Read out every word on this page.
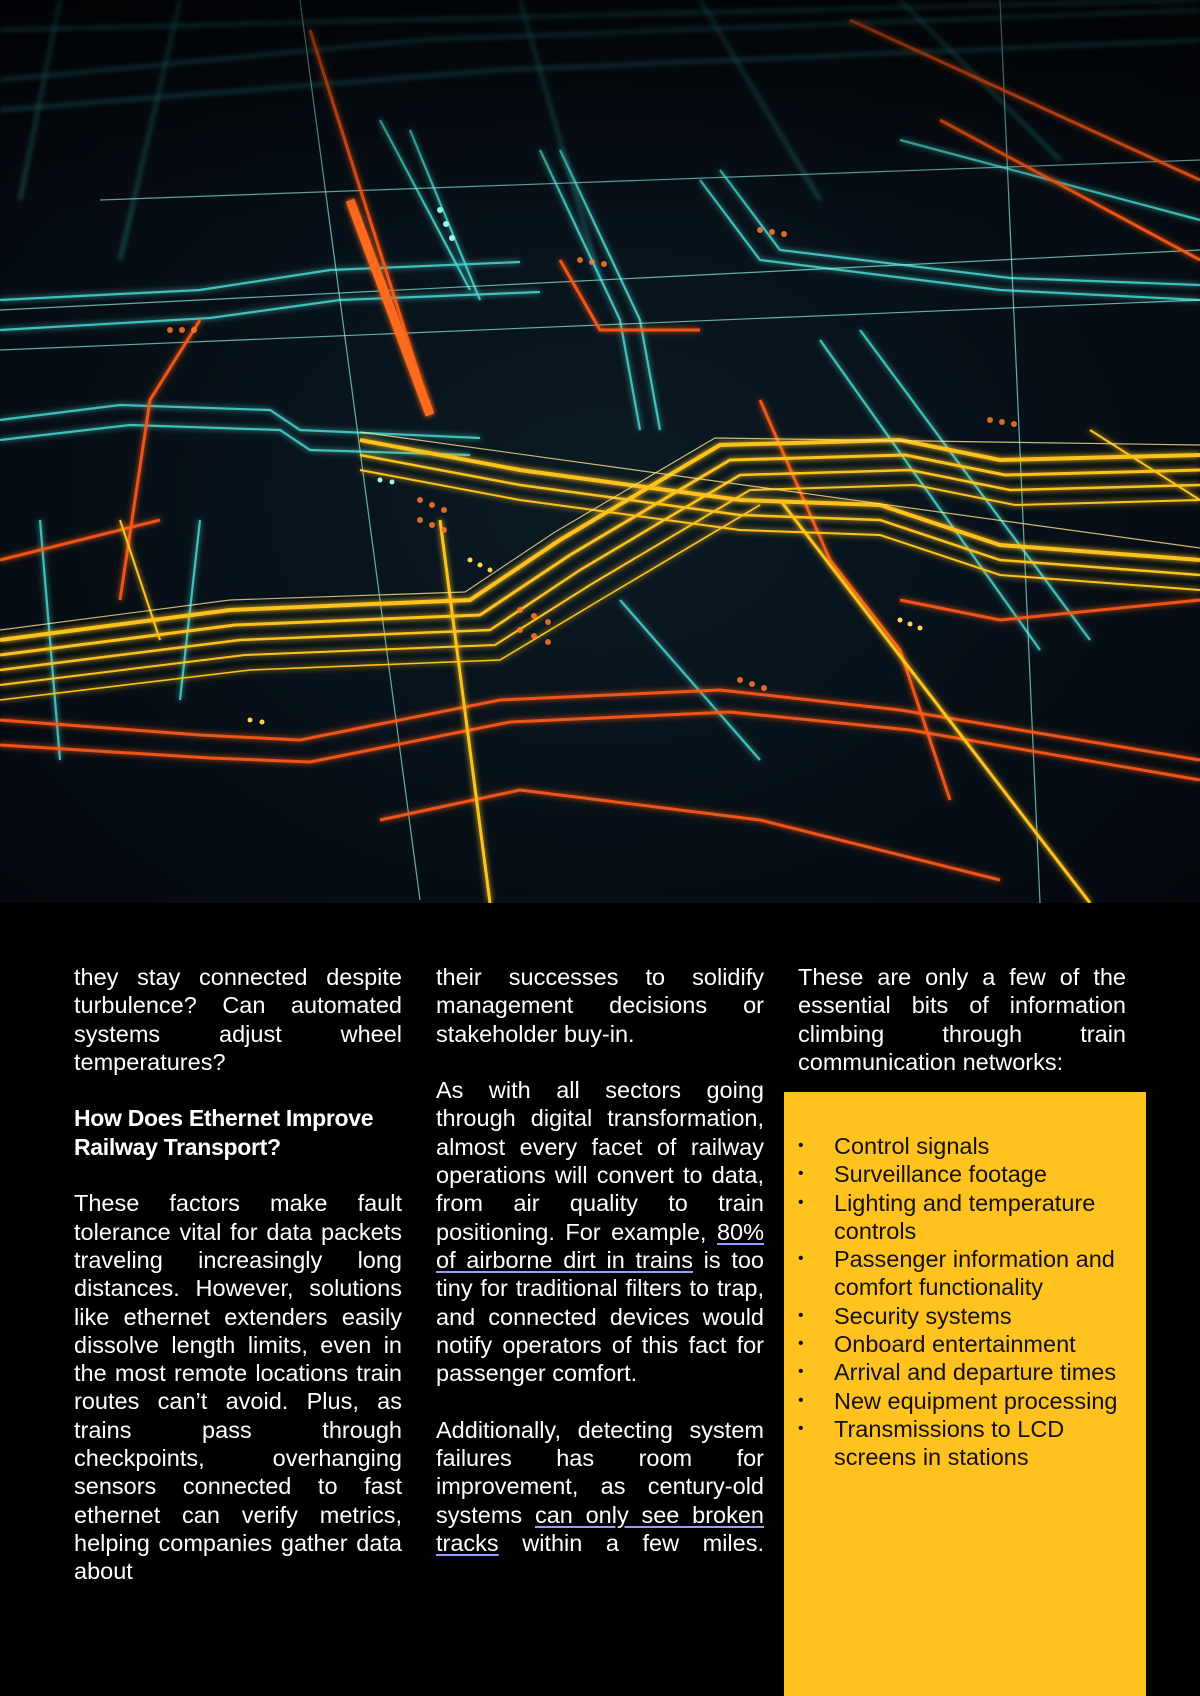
they stay connected despite turbulence? Can automated systems adjust wheel temperatures?

How Does Ethernet Improve Railway Transport?

These factors make fault tolerance vital for data packets traveling increasingly long distances. However, solutions like ethernet extenders easily dissolve length limits, even in the most remote locations train routes can’t avoid. Plus, as trains pass through checkpoints, overhanging sensors connected to fast ethernet can verify metrics, helping companies gather data about

their successes to solidify management decisions or stakeholder buy-in.

As with all sectors going through digital transformation, almost every facet of railway operations will convert to data, from air quality to train positioning. For example, 80% of airborne dirt in trains is too tiny for traditional filters to trap, and connected devices would notify operators of this fact for passenger comfort.

Additionally, detecting system failures has room for improvement, as century-old systems can only see broken tracks within a few miles.

These are only a few of the essential bits of information climbing through train communication networks:

• Control signals
• Surveillance footage
• Lighting and temperature controls
• Passenger information and comfort functionality
• Security systems
• Onboard entertainment
• Arrival and departure times
• New equipment processing
• Transmissions to LCD screens in stations
